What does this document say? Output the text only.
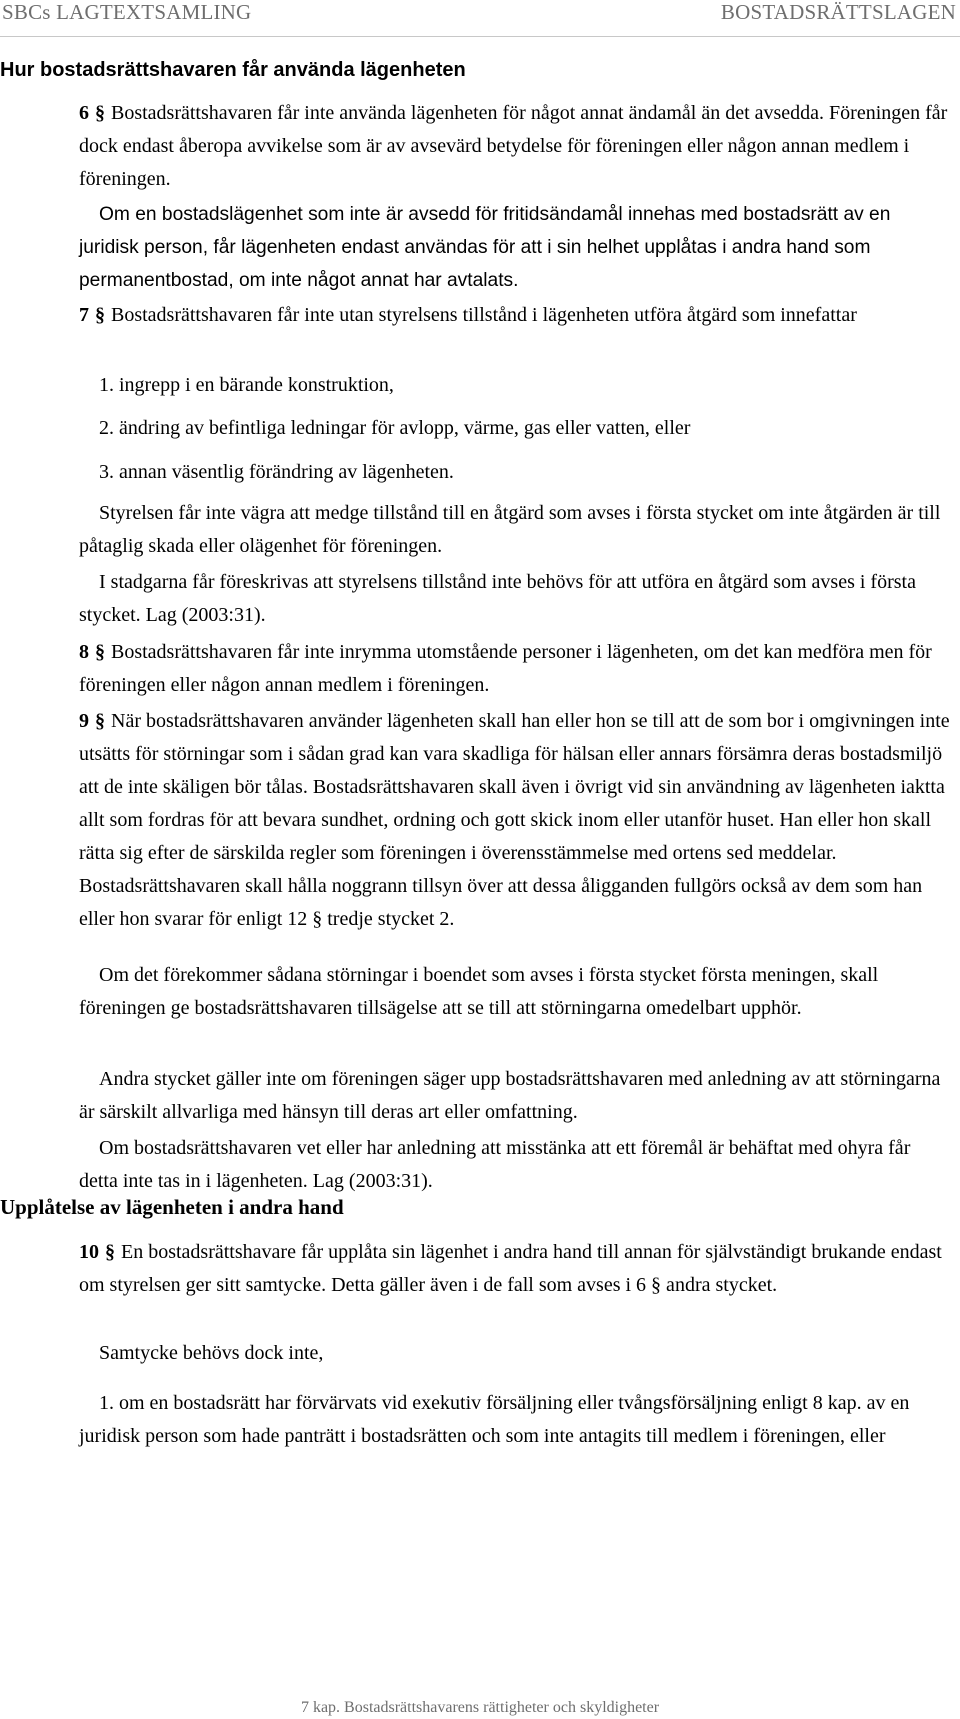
SBCs LAGTEXTSAMLING	BOSTADSRÄTTSLAGEN
Hur bostadsrättshavaren får använda lägenheten

6 § Bostadsrättshavaren får inte använda lägenheten för något annat ändamål än det avsedda. Föreningen får dock endast åberopa avvikelse som är av avsevärd betydelse för föreningen eller någon annan medlem i föreningen.

Om en bostadslägenhet som inte är avsedd för fritidsändamål innehas med bostadsrätt av en juridisk person, får lägenheten endast användas för att i sin helhet upplåtas i andra hand som permanentbostad, om inte något annat har avtalats.

7 § Bostadsrättshavaren får inte utan styrelsens tillstånd i lägenheten utföra åtgärd som innefattar

1. ingrepp i en bärande konstruktion,

2. ändring av befintliga ledningar för avlopp, värme, gas eller vatten, eller

3. annan väsentlig förändring av lägenheten.

Styrelsen får inte vägra att medge tillstånd till en åtgärd som avses i första stycket om inte åtgärden är till påtaglig skada eller olägenhet för föreningen.

I stadgarna får föreskrivas att styrelsens tillstånd inte behövs för att utföra en åtgärd som avses i första stycket. Lag (2003:31).

8 § Bostadsrättshavaren får inte inrymma utomstående personer i lägenheten, om det kan medföra men för föreningen eller någon annan medlem i föreningen.

9 § När bostadsrättshavaren använder lägenheten skall han eller hon se till att de som bor i omgivningen inte utsätts för störningar som i sådan grad kan vara skadliga för hälsan eller annars försämra deras bostadsmiljö att de inte skäligen bör tålas. Bostadsrättshavaren skall även i övrigt vid sin användning av lägenheten iaktta allt som fordras för att bevara sundhet, ordning och gott skick inom eller utanför huset. Han eller hon skall rätta sig efter de särskilda regler som föreningen i överensstämmelse med ortens sed meddelar. Bostadsrättshavaren skall hålla noggrann tillsyn över att dessa åligganden fullgörs också av dem som han eller hon svarar för enligt 12 § tredje stycket 2.

Om det förekommer sådana störningar i boendet som avses i första stycket första meningen, skall föreningen ge bostadsrättshavaren tillsägelse att se till att störningarna omedelbart upphör.

Andra stycket gäller inte om föreningen säger upp bostadsrättshavaren med anledning av att störningarna är särskilt allvarliga med hänsyn till deras art eller omfattning.

Om bostadsrättshavaren vet eller har anledning att misstänka att ett föremål är behäftat med ohyra får detta inte tas in i lägenheten. Lag (2003:31).

Upplåtelse av lägenheten i andra hand

10 § En bostadsrättshavare får upplåta sin lägenhet i andra hand till annan för självständigt brukande endast om styrelsen ger sitt samtycke. Detta gäller även i de fall som avses i 6 § andra stycket.

Samtycke behövs dock inte,

1. om en bostadsrätt har förvärvats vid exekutiv försäljning eller tvångsförsäljning enligt 8 kap. av en juridisk person som hade panträtt i bostadsrätten och som inte antagits till medlem i föreningen, eller

7 kap. Bostadsrättshavarens rättigheter och skyldigheter
